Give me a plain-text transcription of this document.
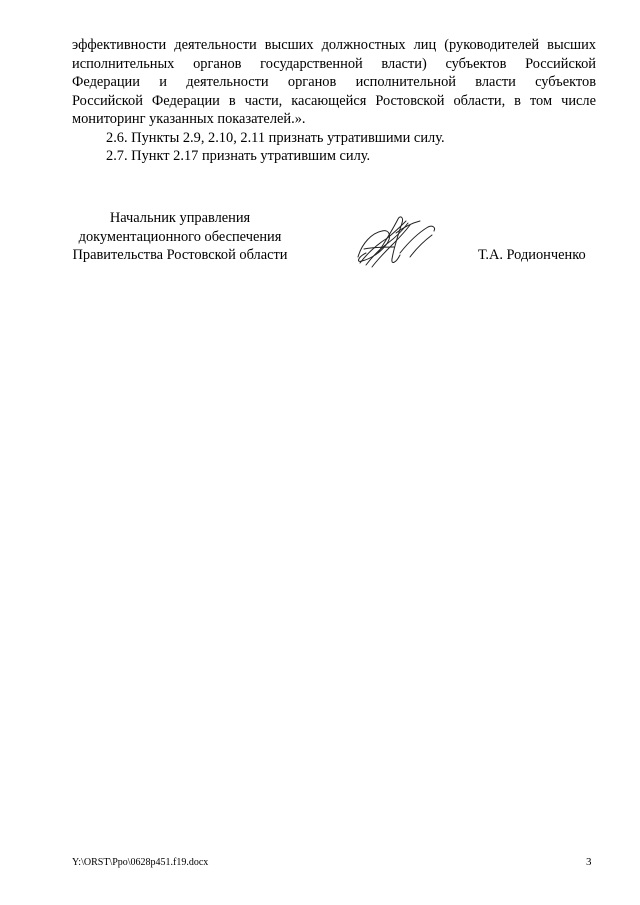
эффективности деятельности высших должностных лиц (руководителей высших
исполнительных органов государственной власти) субъектов Российской
Федерации и деятельности органов исполнительной власти субъектов
Российской Федерации в части, касающейся Ростовской области, в том числе
мониторинг указанных показателей.».
2.6. Пункты 2.9, 2.10, 2.11 признать утратившими силу.
2.7. Пункт 2.17 признать утратившим силу.
Начальник управления
документационного обеспечения
Правительства Ростовской области	Т.А. Родионченко
Y:\ORST\Ppo\0628p451.f19.docx	3
